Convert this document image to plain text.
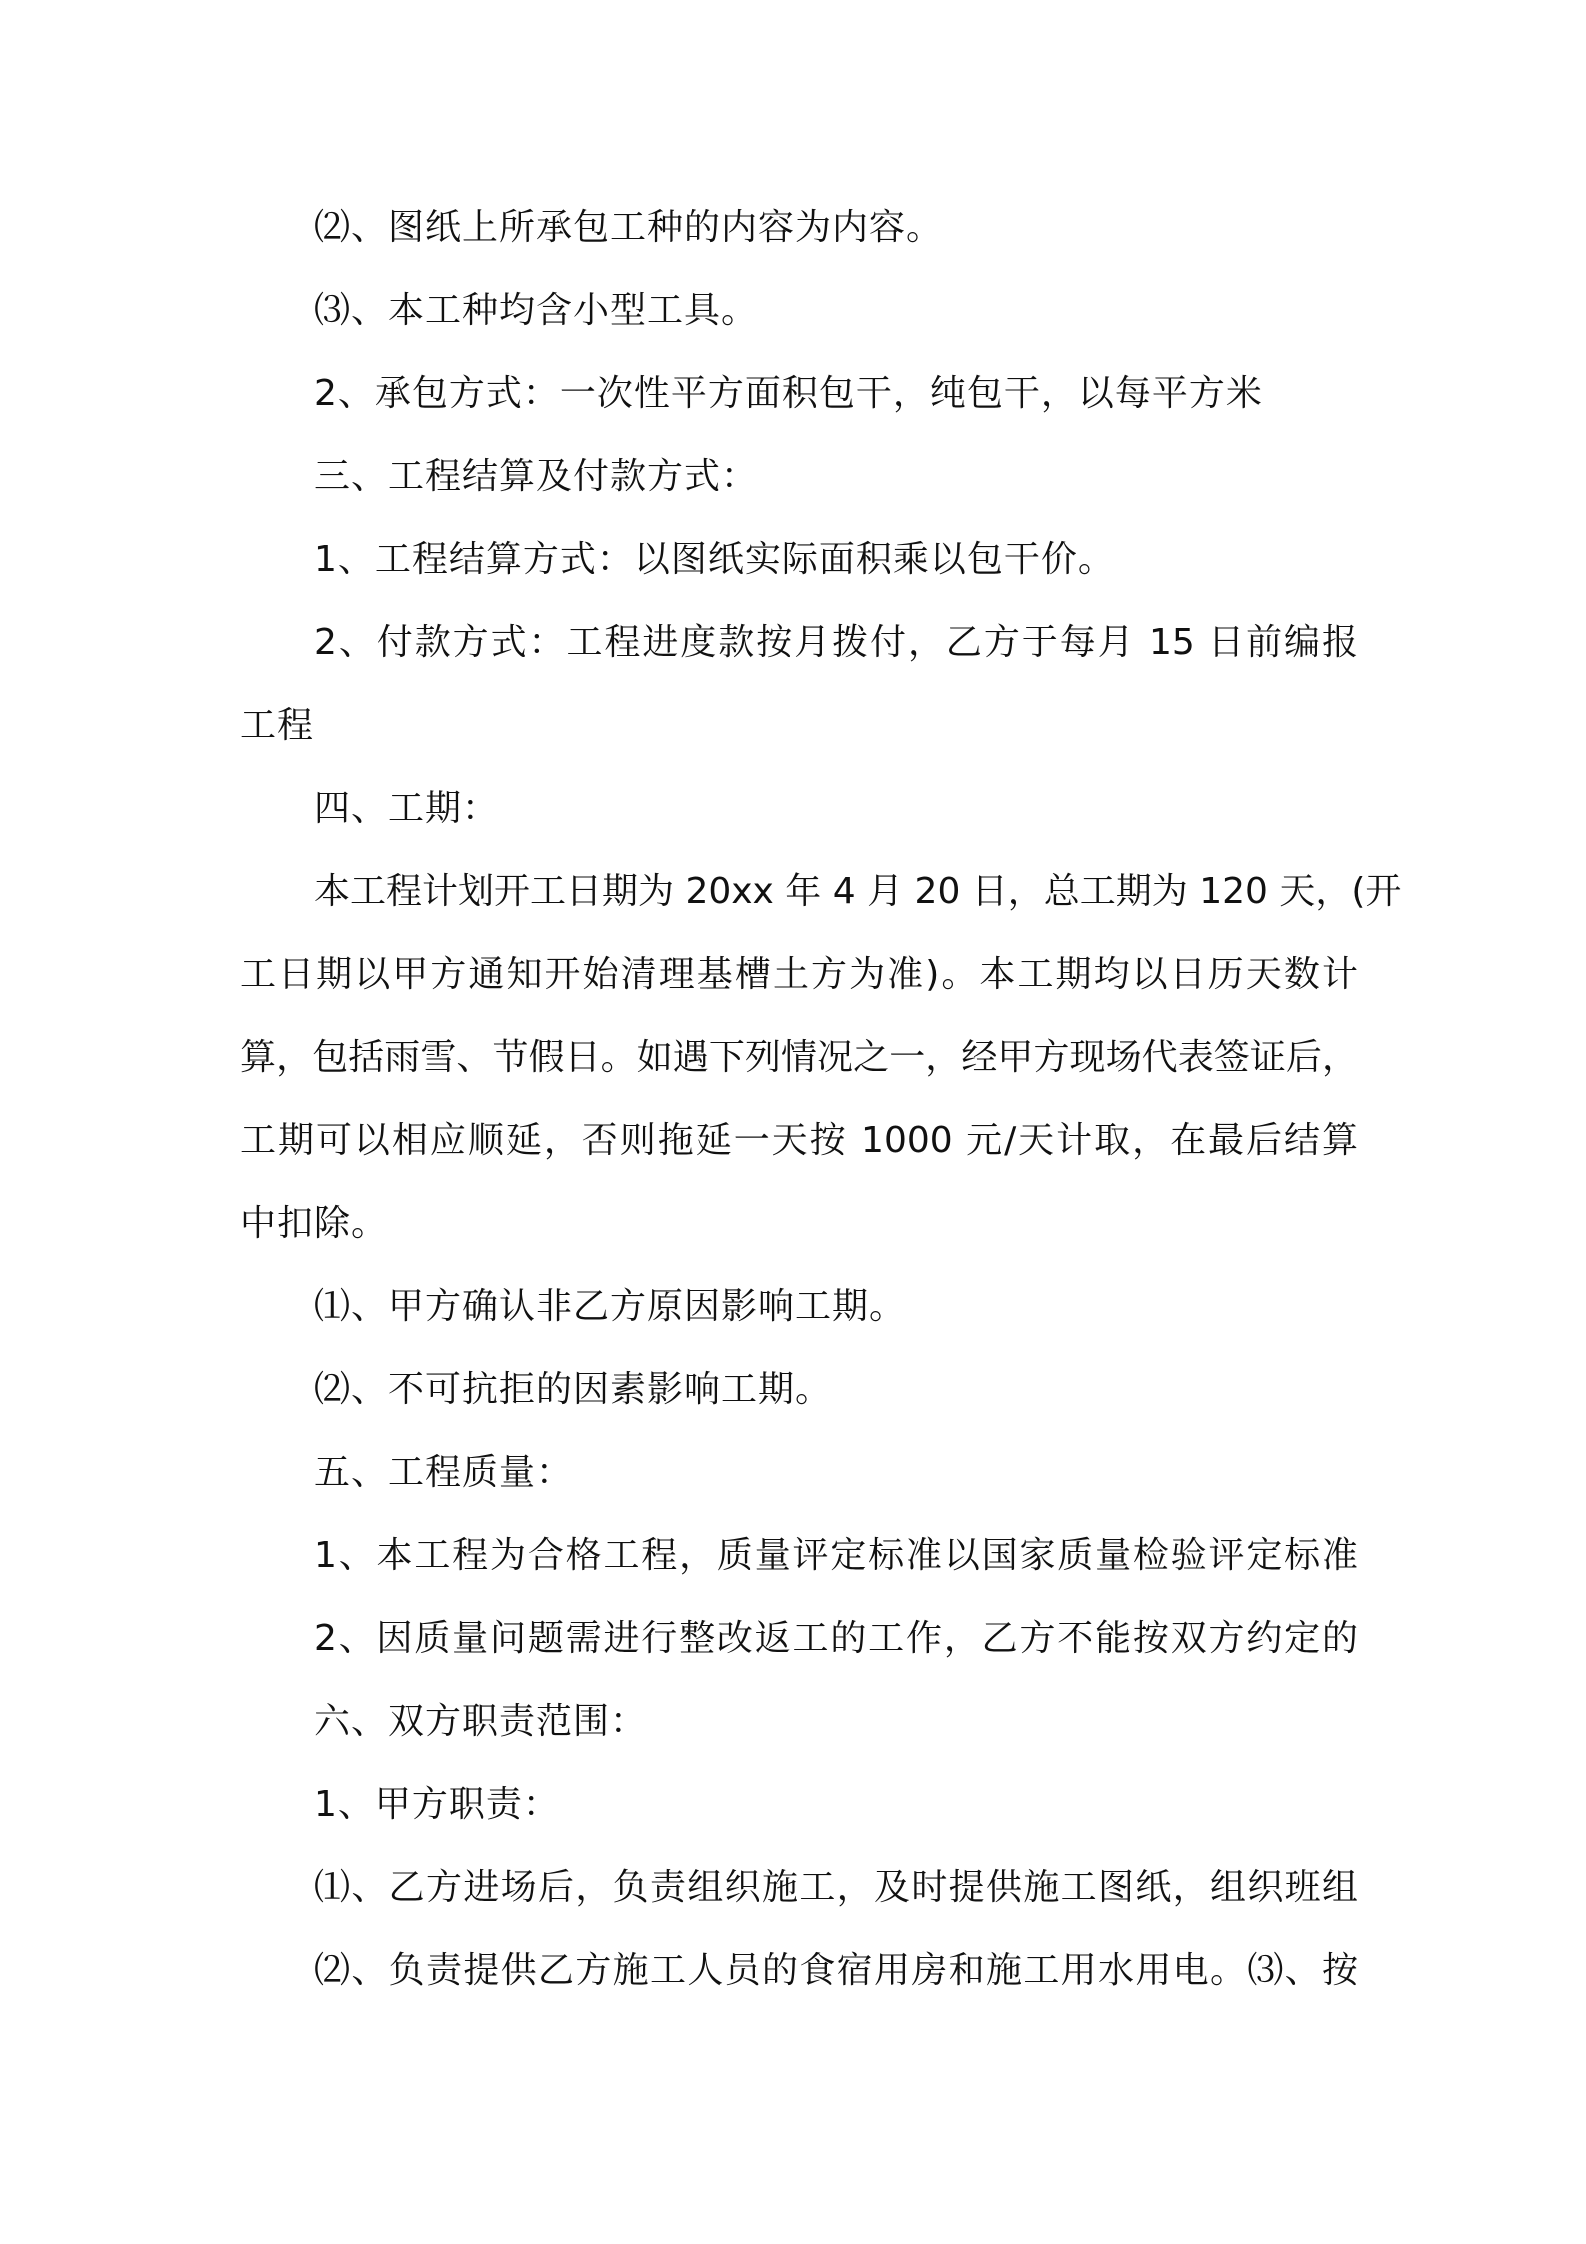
⑵、图纸上所承包工种的内容为内容。
⑶、本工种均含小型工具。
2、承包方式：一次性平方面积包干，纯包干，以每平方米
三、工程结算及付款方式：
1、工程结算方式：以图纸实际面积乘以包干价。
2、付款方式：工程进度款按月拨付，乙方于每月 15 日前编报
工程
四、工期：
本工程计划开工日期为 20xx 年 4 月 20 日，总工期为 120 天，(开
工日期以甲方通知开始清理基槽土方为准)。本工期均以日历天数计
算，包括雨雪、节假日。如遇下列情况之一，经甲方现场代表签证后，
工期可以相应顺延，否则拖延一天按 1000 元/天计取，在最后结算
中扣除。
⑴、甲方确认非乙方原因影响工期。
⑵、不可抗拒的因素影响工期。
五、工程质量：
1、本工程为合格工程，质量评定标准以国家质量检验评定标准
2、因质量问题需进行整改返工的工作，乙方不能按双方约定的
六、双方职责范围：
1、甲方职责：
⑴、乙方进场后，负责组织施工，及时提供施工图纸，组织班组
⑵、负责提供乙方施工人员的食宿用房和施工用水用电。⑶、按
